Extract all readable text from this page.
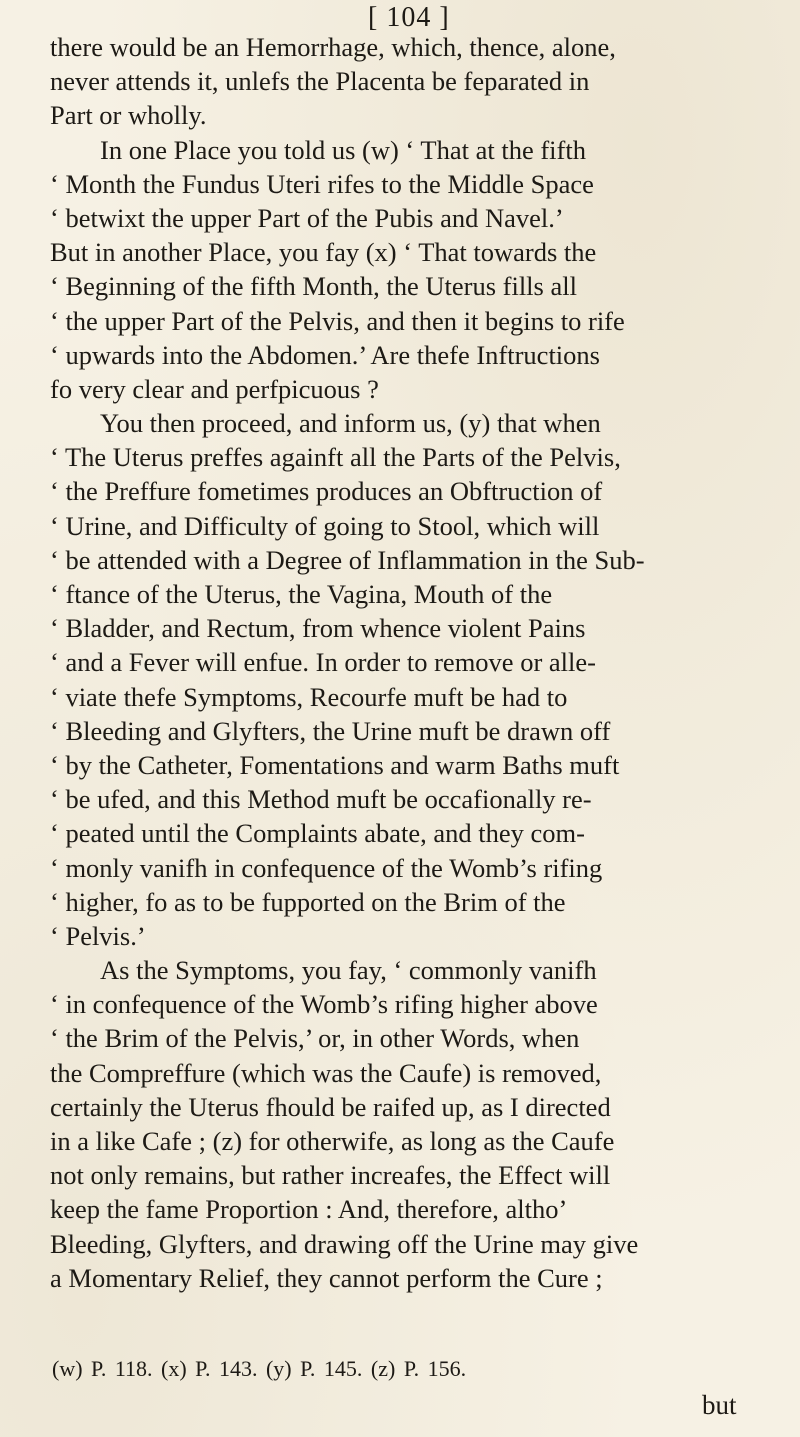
[ 104 ]
there would be an Hemorrhage, which, thence, alone,
never attends it, unlefs the Placenta be feparated in
Part or wholly.
In one Place you told us (w) ‘ That at the fifth
‘ Month the Fundus Uteri rifes to the Middle Space
‘ betwixt the upper Part of the Pubis and Navel.’
But in another Place, you fay (x) ‘ That towards the
‘ Beginning of the fifth Month, the Uterus fills all
‘ the upper Part of the Pelvis, and then it begins to rife
‘ upwards into the Abdomen.’ Are thefe Inftructions
fo very clear and perfpicuous ?
You then proceed, and inform us, (y) that when
‘ The Uterus preffes againft all the Parts of the Pelvis,
‘ the Preffure fometimes produces an Obftruction of
‘ Urine, and Difficulty of going to Stool, which will
‘ be attended with a Degree of Inflammation in the Sub-
‘ ftance of the Uterus, the Vagina, Mouth of the
‘ Bladder, and Rectum, from whence violent Pains
‘ and a Fever will enfue. In order to remove or alle-
‘ viate thefe Symptoms, Recourfe muft be had to
‘ Bleeding and Glyfters, the Urine muft be drawn off
‘ by the Catheter, Fomentations and warm Baths muft
‘ be ufed, and this Method muft be occafionally re-
‘ peated until the Complaints abate, and they com-
‘ monly vanifh in confequence of the Womb’s rifing
‘ higher, fo as to be fupported on the Brim of the
‘ Pelvis.’
As the Symptoms, you fay, ‘ commonly vanifh
‘ in confequence of the Womb’s rifing higher above
‘ the Brim of the Pelvis,’ or, in other Words, when
the Compreffure (which was the Caufe) is removed,
certainly the Uterus fhould be raifed up, as I directed
in a like Cafe ; (z) for otherwife, as long as the Caufe
not only remains, but rather increafes, the Effect will
keep the fame Proportion : And, therefore, altho’
Bleeding, Glyfters, and drawing off the Urine may give
a Momentary Relief, they cannot perform the Cure ;
(w) P. 118. (x) P. 143. (y) P. 145. (z) P. 156.
but
